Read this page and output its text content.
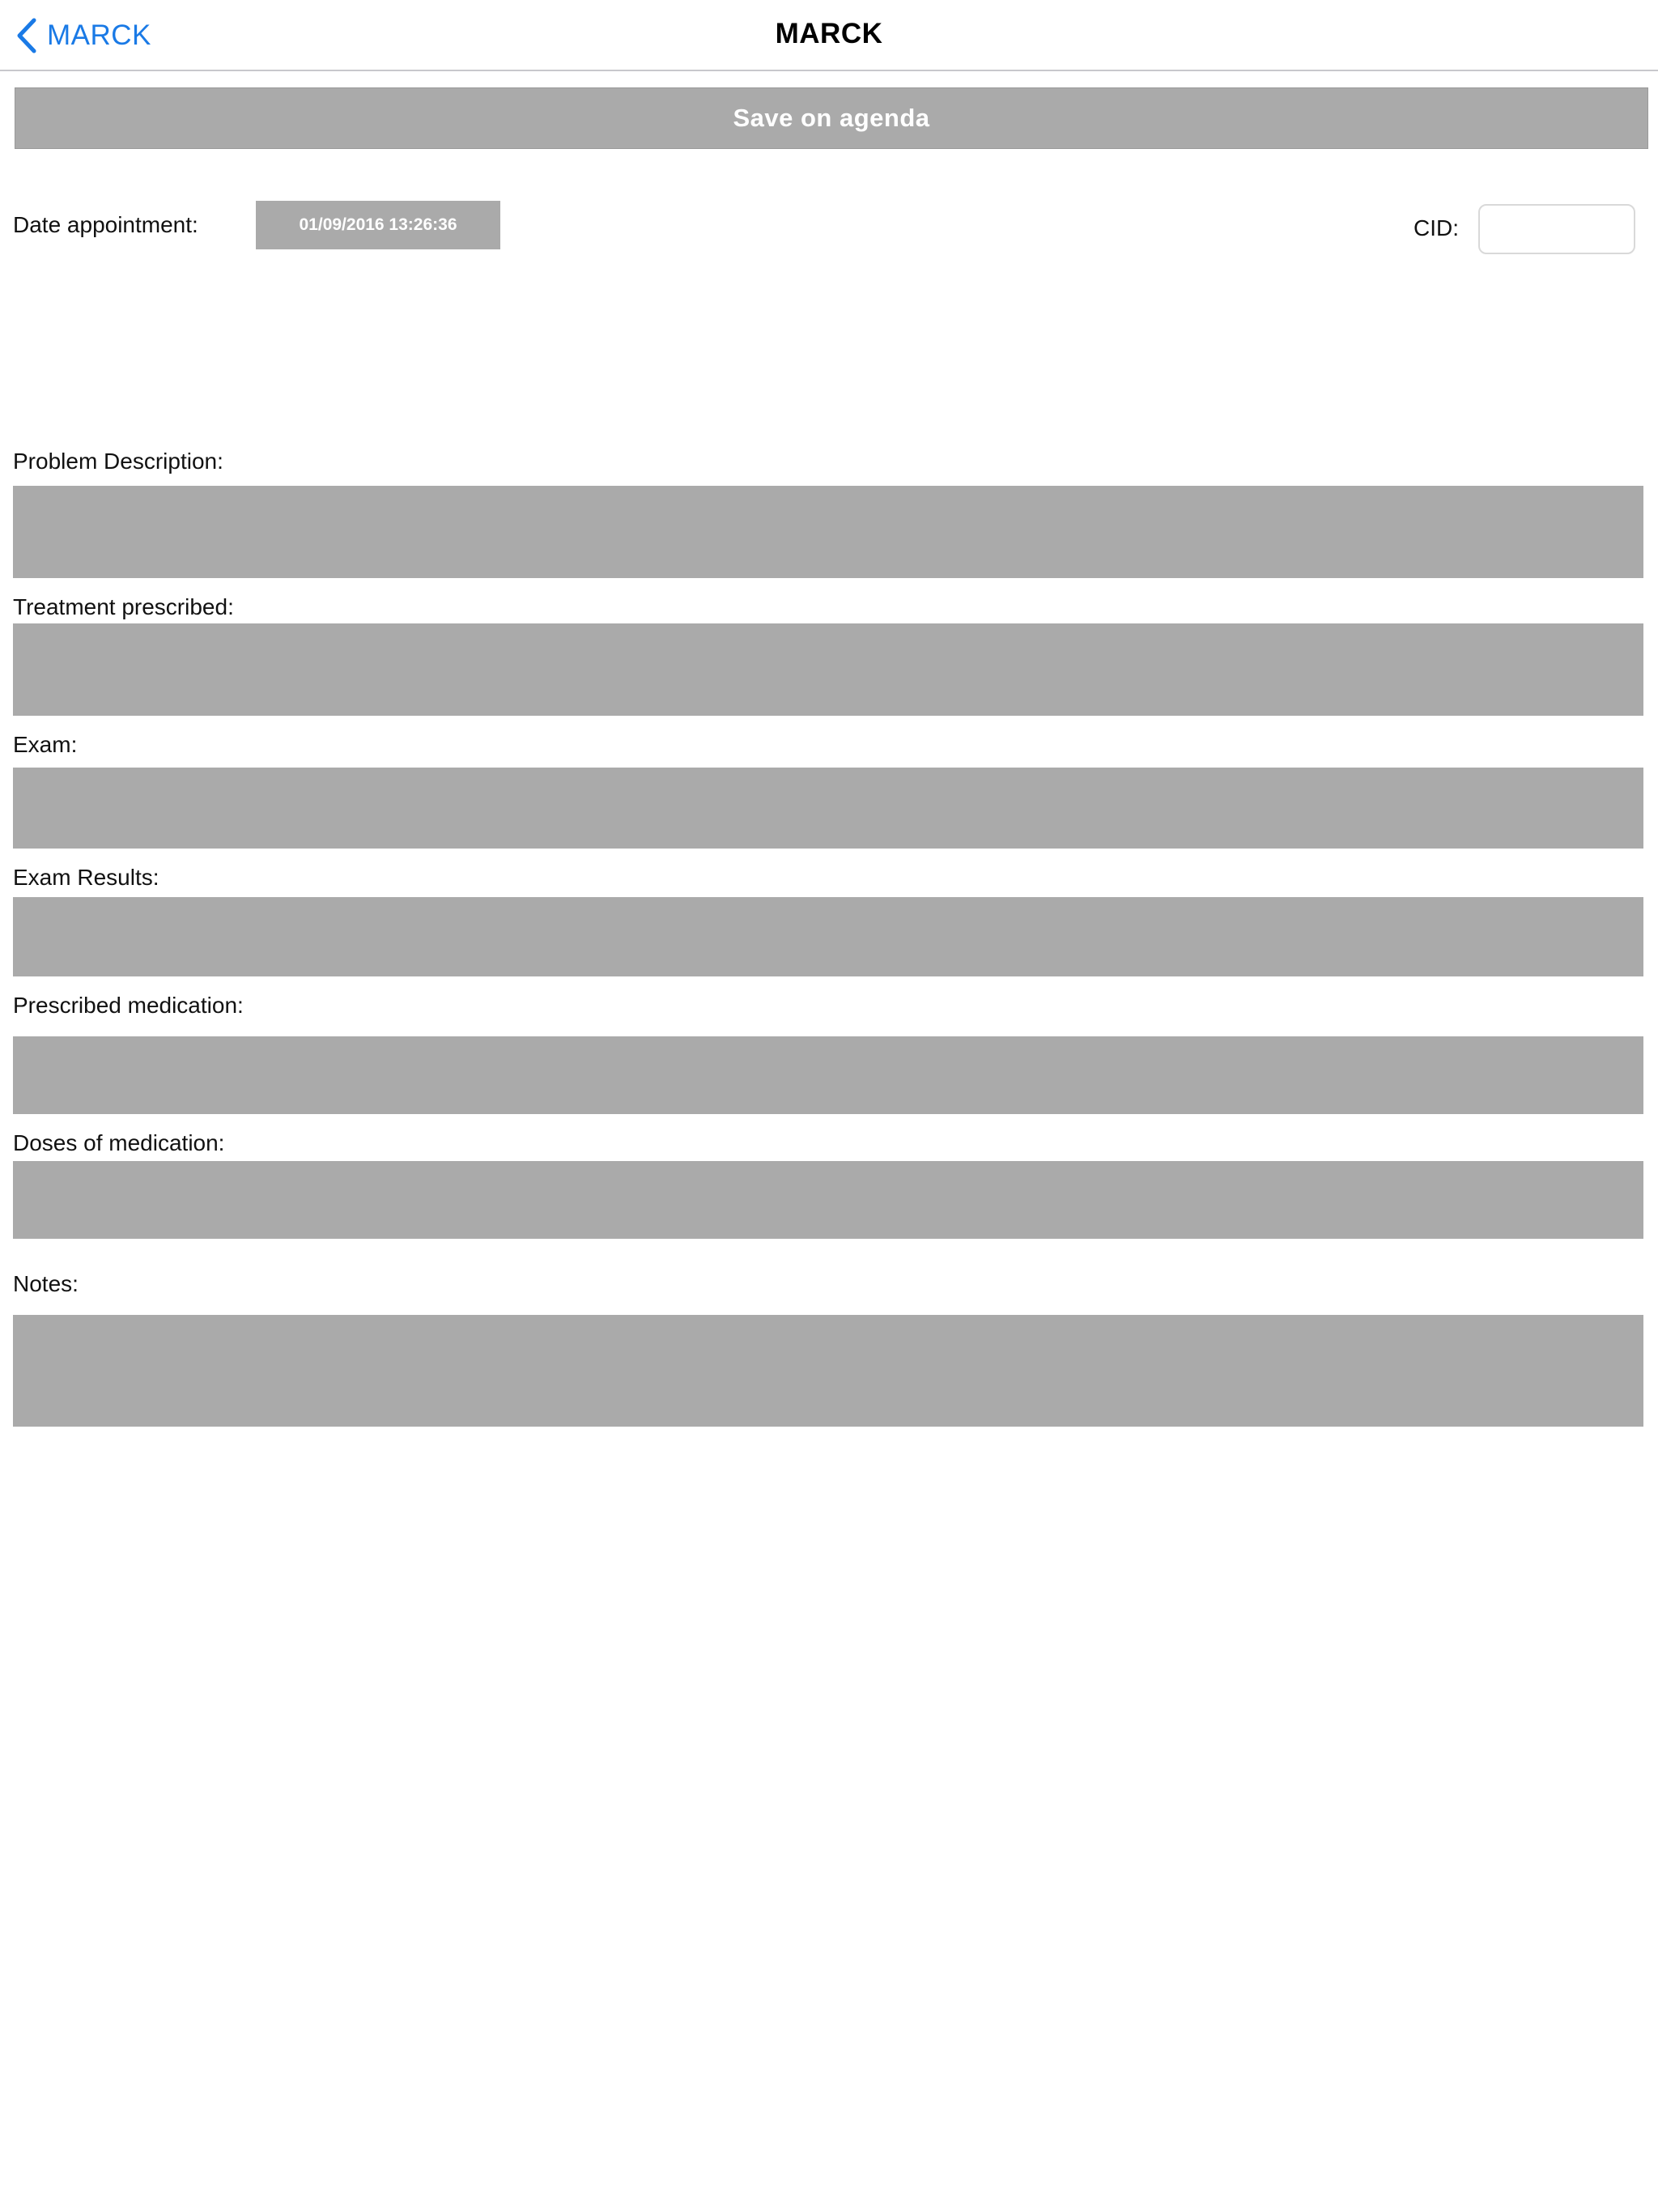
MARCK	MARCK
Save on agenda
Date appointment:	01/09/2016 13:26:36	CID:
Problem Description:
Treatment prescribed:
Exam:
Exam Results:
Prescribed medication:
Doses of medication:
Notes:
